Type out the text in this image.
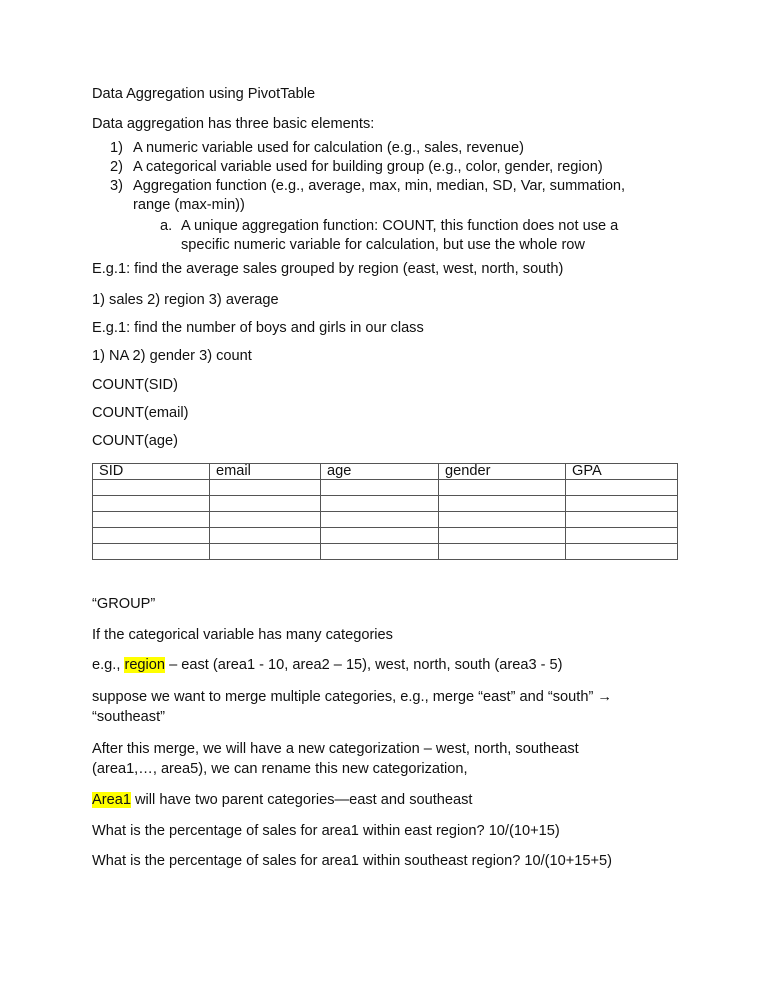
Data Aggregation using PivotTable
Data aggregation has three basic elements:
1) A numeric variable used for calculation (e.g., sales, revenue)
2) A categorical variable used for building group (e.g., color, gender, region)
3) Aggregation function (e.g., average, max, min, median, SD, Var, summation,
range (max-min))
a. A unique aggregation function: COUNT, this function does not use a
specific numeric variable for calculation, but use the whole row
E.g.1: find the average sales grouped by region (east, west, north, south)
1) sales 2) region 3) average
E.g.1: find the number of boys and girls in our class
1) NA 2) gender 3) count
COUNT(SID)
COUNT(email)
COUNT(age)
SID	email	age	gender	GPA

“GROUP”
If the categorical variable has many categories
e.g., region – east (area1 - 10, area2 – 15), west, north, south (area3 - 5)
suppose we want to merge multiple categories, e.g., merge “east” and “south” →
“southeast”
After this merge, we will have a new categorization – west, north, southeast
(area1,…, area5), we can rename this new categorization,
Area1 will have two parent categories—east and southeast
What is the percentage of sales for area1 within east region? 10/(10+15)
What is the percentage of sales for area1 within southeast region? 10/(10+15+5)
